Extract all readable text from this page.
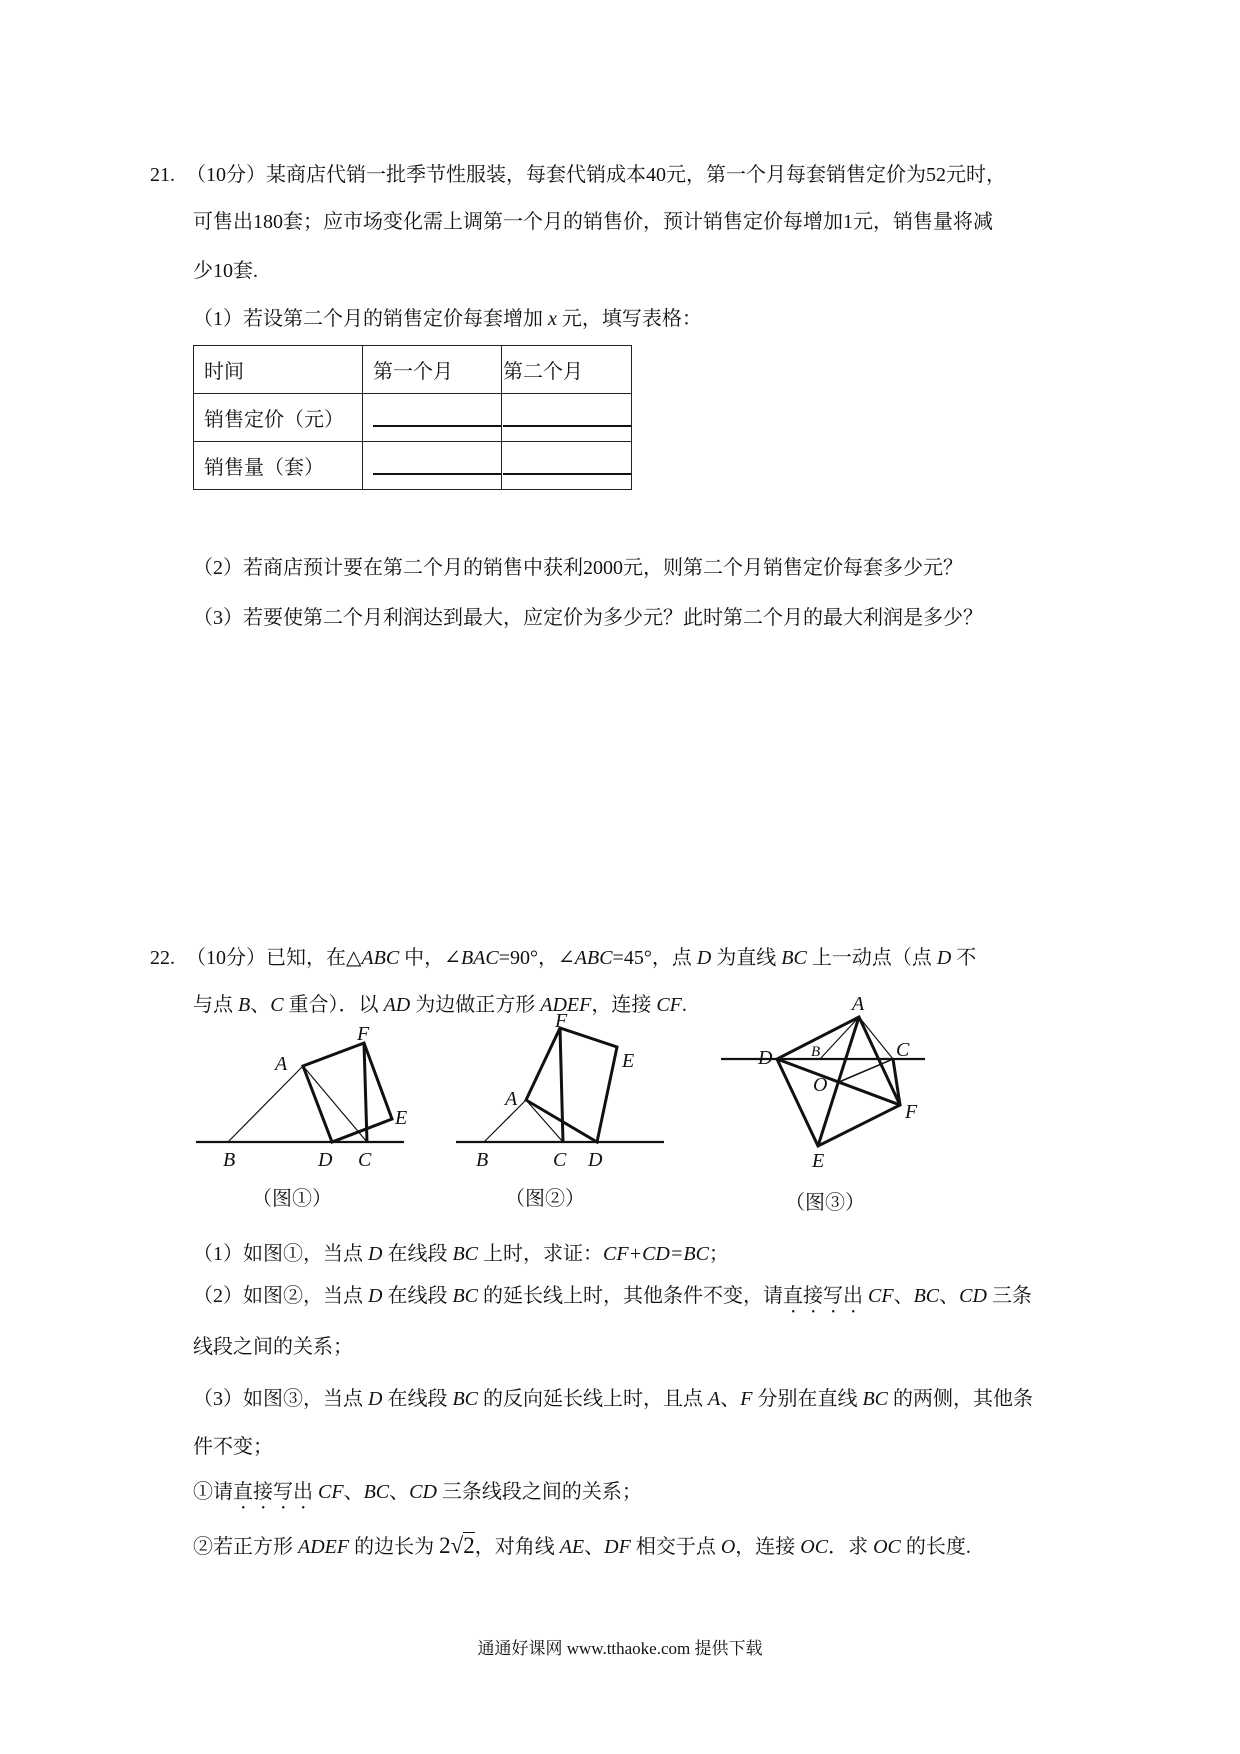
21. （10分）某商店代销一批季节性服装，每套代销成本40元，第一个月每套销售定价为52元时，
可售出180套；应市场变化需上调第一个月的销售价，预计销售定价每增加1元，销售量将减
少10套.
（1）若设第二个月的销售定价每套增加 x 元，填写表格：
时间	第一个月	第二个月
销售定价（元）		
销售量（套）		
（2）若商店预计要在第二个月的销售中获利2000元，则第二个月销售定价每套多少元？
（3）若要使第二个月利润达到最大，应定价为多少元？此时第二个月的最大利润是多少？
22. （10分）已知，在△ABC 中，∠BAC=90°，∠ABC=45°，点 D 为直线 BC 上一动点（点 D 不
与点 B、C 重合）．以 AD 为边做正方形 ADEF，连接 CF.
A
B	D C
E
F
（图①）
A
B	C D
E
F
（图②）
A
D	B	C
O
F
E
（图③）
（1）如图①，当点 D 在线段 BC 上时，求证：CF+CD=BC；
（2）如图②，当点 D 在线段 BC 的延长线上时，其他条件不变，请直接写出 CF、BC、CD 三条
线段之间的关系；
（3）如图③，当点 D 在线段 BC 的反向延长线上时，且点 A、F 分别在直线 BC 的两侧，其他条
件不变；
①请直接写出 CF、BC、CD 三条线段之间的关系；
②若正方形 ADEF 的边长为 2√2，对角线 AE、DF 相交于点 O，连接 OC．求 OC 的长度.
通通好课网 www.tthaoke.com 提供下载
